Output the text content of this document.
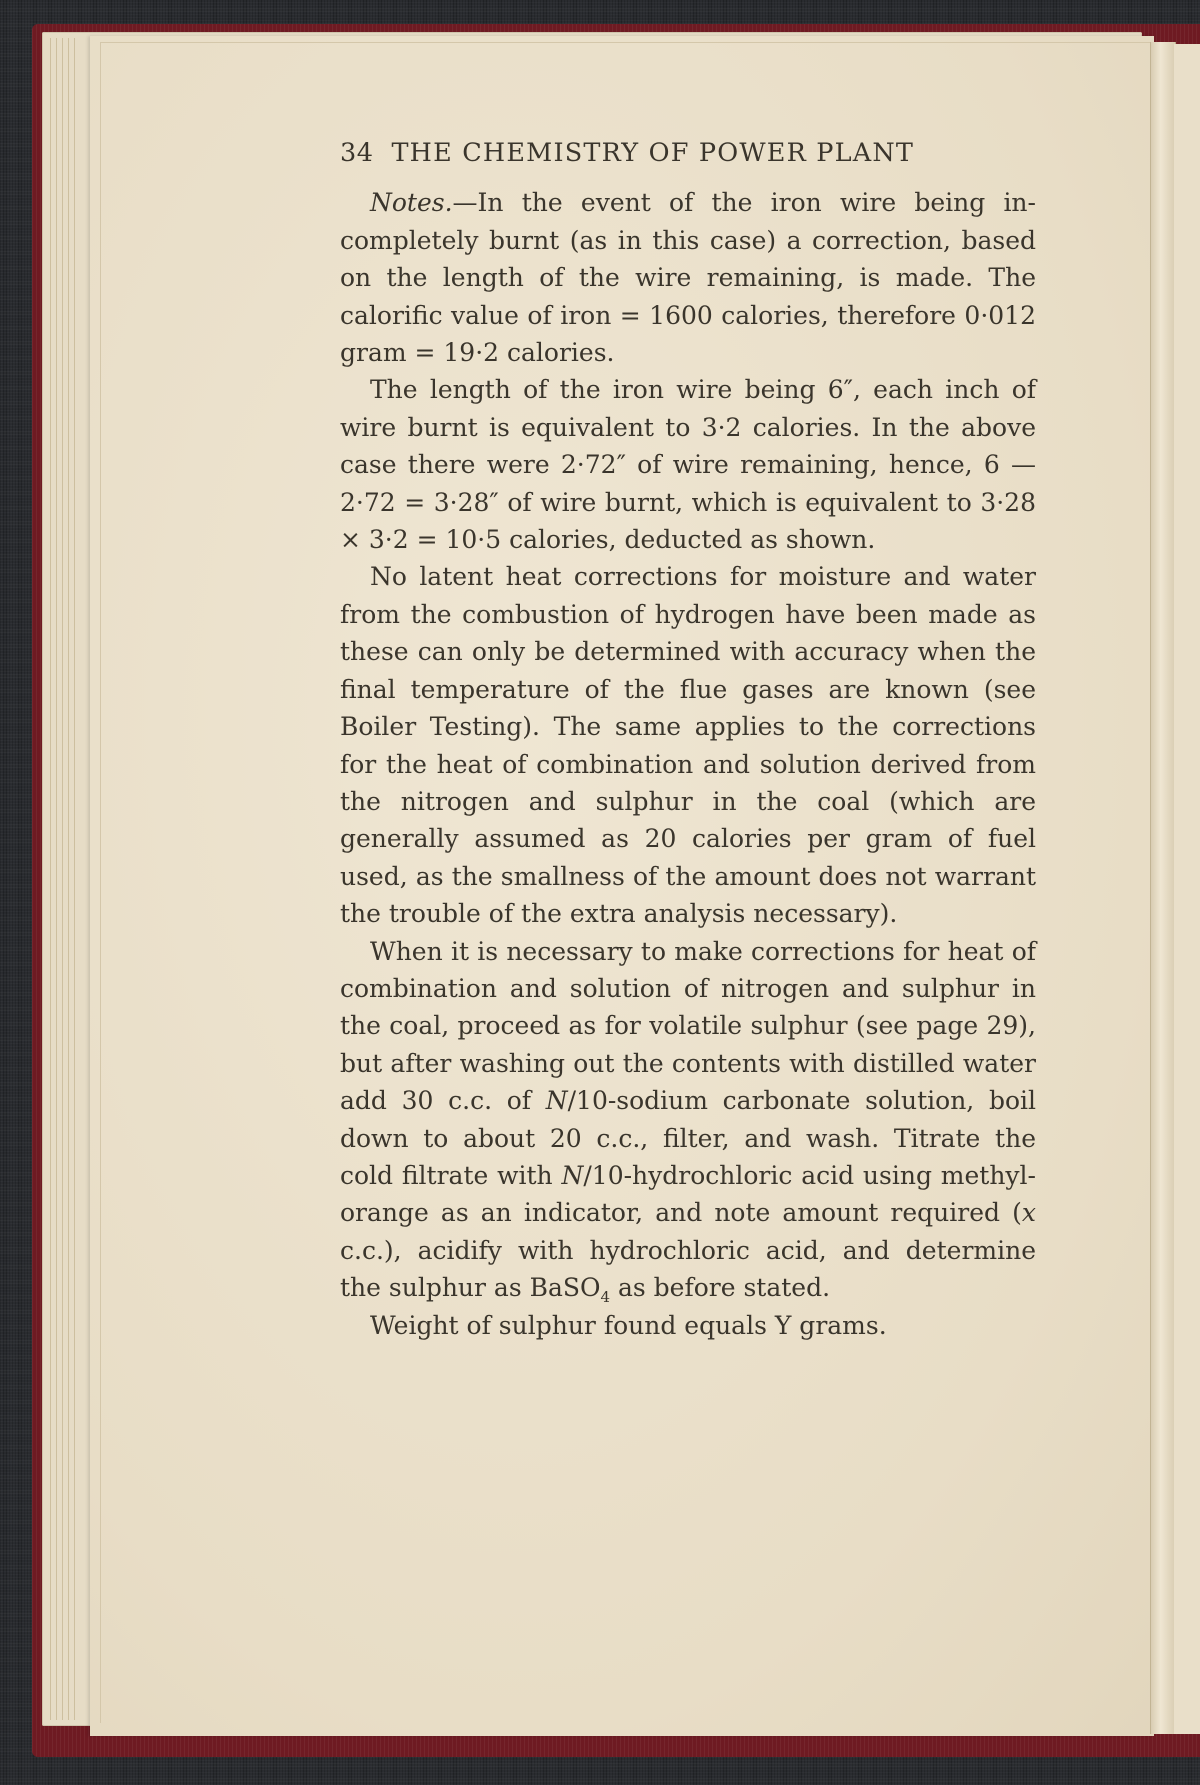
34 THE CHEMISTRY OF POWER PLANT

Notes.—In the event of the iron wire being incompletely burnt (as in this case) a correction, based on the length of the wire remaining, is made. The calorific value of iron = 1600 calories, therefore 0·012 gram = 19·2 calories.

The length of the iron wire being 6″, each inch of wire burnt is equivalent to 3·2 calories. In the above case there were 2·72″ of wire remaining, hence, 6 — 2·72 = 3·28″ of wire burnt, which is equivalent to 3·28 × 3·2 = 10·5 calories, deducted as shown.

No latent heat corrections for moisture and water from the combustion of hydrogen have been made as these can only be determined with accuracy when the final temperature of the flue gases are known (see Boiler Testing). The same applies to the corrections for the heat of combination and solution derived from the nitrogen and sulphur in the coal (which are generally assumed as 20 calories per gram of fuel used, as the smallness of the amount does not warrant the trouble of the extra analysis necessary).

When it is necessary to make corrections for heat of combination and solution of nitrogen and sulphur in the coal, proceed as for volatile sulphur (see page 29), but after washing out the contents with distilled water add 30 c.c. of N/10-sodium carbonate solution, boil down to about 20 c.c., filter, and wash. Titrate the cold filtrate with N/10-hydrochloric acid using methyl-orange as an indicator, and note amount required (x c.c.), acidify with hydrochloric acid, and determine the sulphur as BaSO$_4$ as before stated.

Weight of sulphur found equals Y grams.
